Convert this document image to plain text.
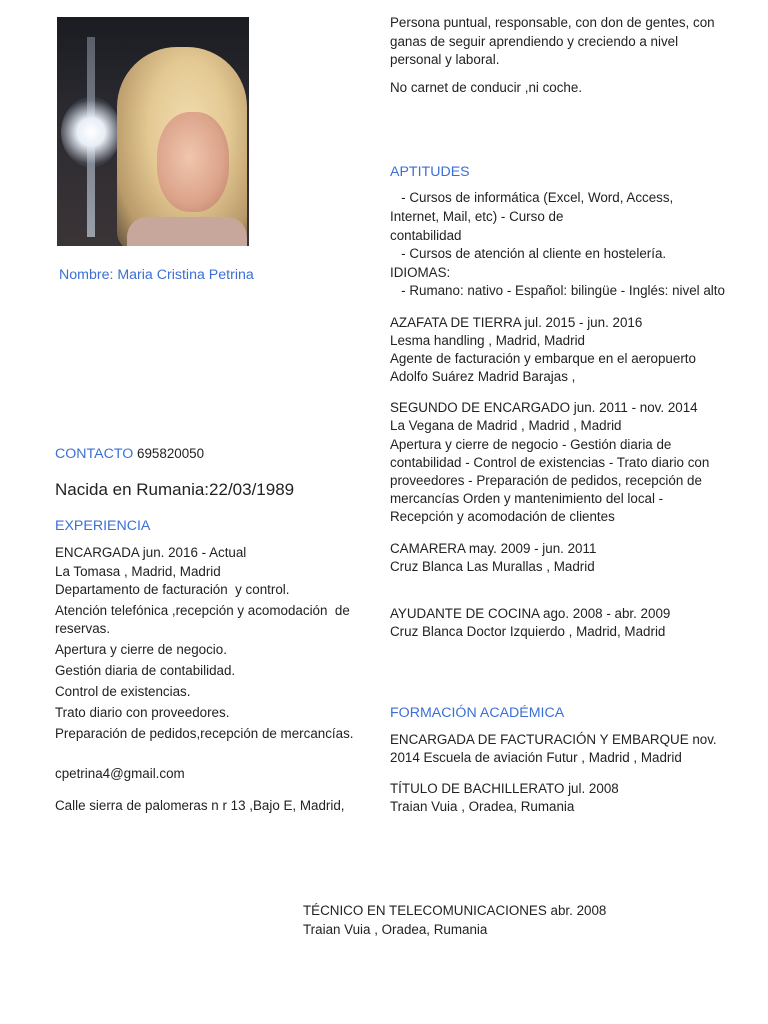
Nombre: Maria Cristina Petrina
CONTACTO 695820050
Nacida en Rumania:22/03/1989
EXPERIENCIA
ENCARGADA jun. 2016 - Actual
La Tomasa , Madrid, Madrid
Departamento de facturación  y control.
Atención telefónica ,recepción y acomodación  de
reservas.
Apertura y cierre de negocio.
Gestión diaria de contabilidad.
Control de existencias.
Trato diario con proveedores.
Preparación de pedidos,recepción de mercancías.
cpetrina4@gmail.com
Calle sierra de palomeras n r 13 ,Bajo E, Madrid,
Persona puntual, responsable, con don de gentes, con
ganas de seguir aprendiendo y creciendo a nivel
personal y laboral.
No carnet de conducir ,ni coche.
APTITUDES
- Cursos de informática (Excel, Word, Access,
Internet, Mail, etc) - Curso de
contabilidad
- Cursos de atención al cliente en hostelería.
IDIOMAS:
- Rumano: nativo - Español: bilingüe - Inglés: nivel alto
AZAFATA DE TIERRA jul. 2015 - jun. 2016
Lesma handling , Madrid, Madrid
Agente de facturación y embarque en el aeropuerto
Adolfo Suárez Madrid Barajas ,
SEGUNDO DE ENCARGADO jun. 2011 - nov. 2014
La Vegana de Madrid , Madrid , Madrid
Apertura y cierre de negocio - Gestión diaria de
contabilidad - Control de existencias - Trato diario con
proveedores - Preparación de pedidos, recepción de
mercancías Orden y mantenimiento del local -
Recepción y acomodación de clientes
CAMARERA may. 2009 - jun. 2011
Cruz Blanca Las Murallas , Madrid
AYUDANTE DE COCINA ago. 2008 - abr. 2009
Cruz Blanca Doctor Izquierdo , Madrid, Madrid
FORMACIÓN ACADÉMICA
ENCARGADA DE FACTURACIÓN Y EMBARQUE nov.
2014 Escuela de aviación Futur , Madrid , Madrid
TÍTULO DE BACHILLERATO jul. 2008
Traian Vuia , Oradea, Rumania
TÉCNICO EN TELECOMUNICACIONES abr. 2008
Traian Vuia , Oradea, Rumania
